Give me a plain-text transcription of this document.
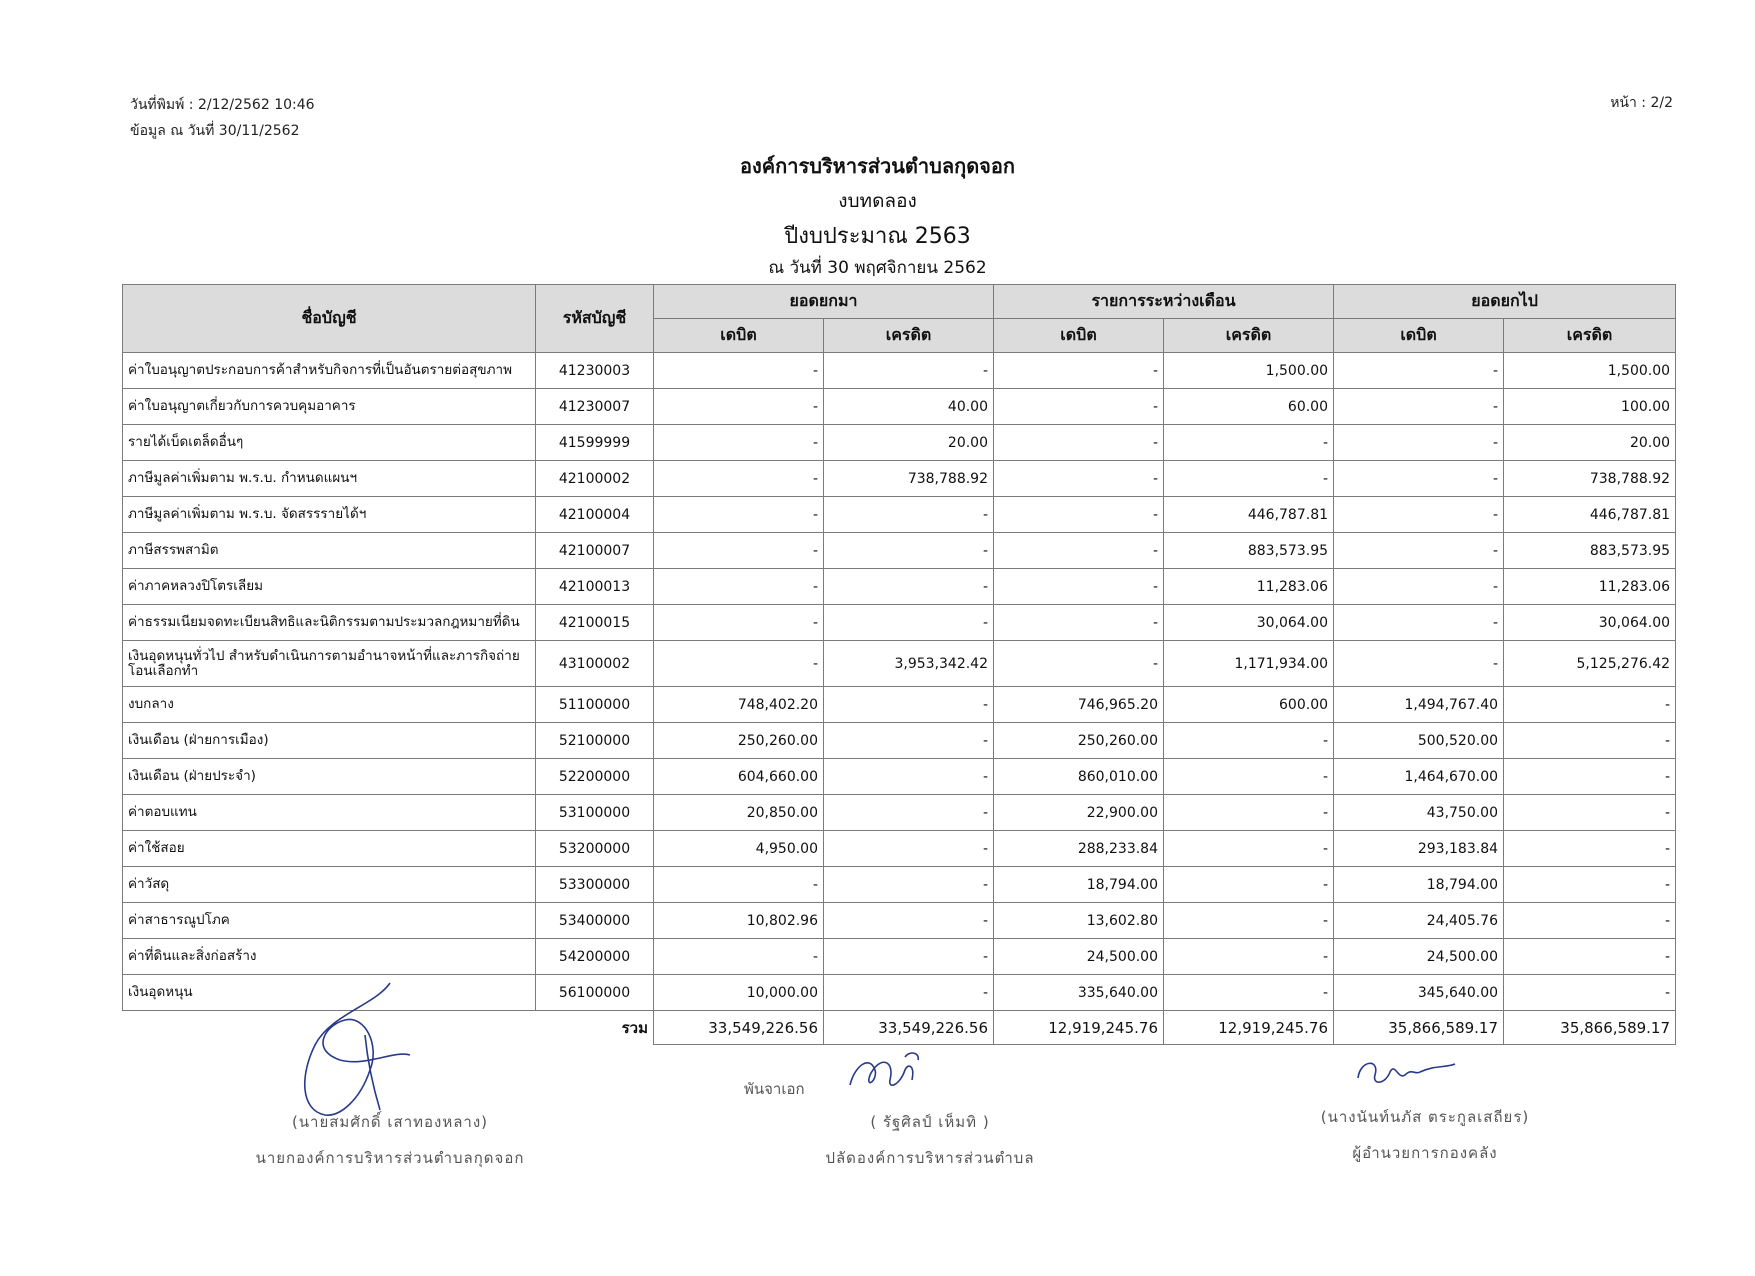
วันที่พิมพ์ : 2/12/2562 10:46
ข้อมูล ณ วันที่ 30/11/2562
หน้า : 2/2
องค์การบริหารส่วนตำบลกุดจอก
งบทดลอง
ปีงบประมาณ 2563
ณ วันที่ 30 พฤศจิกายน 2562
ชื่อบัญชี	รหัสบัญชี	ยอดยกมา		รายการระหว่างเดือน		ยอดยกไป	
		เดบิต	เครดิต	เดบิต	เครดิต	เดบิต	เครดิต
ค่าใบอนุญาตประกอบการค้าสำหรับกิจการที่เป็นอันตรายต่อสุขภาพ	41230003	-	-	-	1,500.00	-	1,500.00
ค่าใบอนุญาตเกี่ยวกับการควบคุมอาคาร	41230007	-	40.00	-	60.00	-	100.00
รายได้เบ็ดเตล็ดอื่นๆ	41599999	-	20.00	-	-	-	20.00
ภาษีมูลค่าเพิ่มตาม พ.ร.บ. กำหนดแผนฯ	42100002	-	738,788.92	-	-	-	738,788.92
ภาษีมูลค่าเพิ่มตาม พ.ร.บ. จัดสรรรายได้ฯ	42100004	-	-	-	446,787.81	-	446,787.81
ภาษีสรรพสามิต	42100007	-	-	-	883,573.95	-	883,573.95
ค่าภาคหลวงปิโตรเลียม	42100013	-	-	-	11,283.06	-	11,283.06
ค่าธรรมเนียมจดทะเบียนสิทธิและนิติกรรมตามประมวลกฎหมายที่ดิน	42100015	-	-	-	30,064.00	-	30,064.00
เงินอุดหนุนทั่วไป สำหรับดำเนินการตามอำนาจหน้าที่และภารกิจถ่ายโอนเลือกทำ	43100002	-	3,953,342.42	-	1,171,934.00	-	5,125,276.42
งบกลาง	51100000	748,402.20	-	746,965.20	600.00	1,494,767.40	-
เงินเดือน (ฝ่ายการเมือง)	52100000	250,260.00	-	250,260.00	-	500,520.00	-
เงินเดือน (ฝ่ายประจำ)	52200000	604,660.00	-	860,010.00	-	1,464,670.00	-
ค่าตอบแทน	53100000	20,850.00	-	22,900.00	-	43,750.00	-
ค่าใช้สอย	53200000	4,950.00	-	288,233.84	-	293,183.84	-
ค่าวัสดุ	53300000	-	-	18,794.00	-	18,794.00	-
ค่าสาธารณูปโภค	53400000	10,802.96	-	13,602.80	-	24,405.76	-
ค่าที่ดินและสิ่งก่อสร้าง	54200000	-	-	24,500.00	-	24,500.00	-
เงินอุดหนุน	56100000	10,000.00	-	335,640.00	-	345,640.00	-
	รวม	33,549,226.56	33,549,226.56	12,919,245.76	12,919,245.76	35,866,589.17	35,866,589.17
(นายสมศักดิ์ เสาทองหลาง)
นายกองค์การบริหารส่วนตำบลกุดจอก
พันจาเอก
( รัฐศิลป์ เห็มทิ )
ปลัดองค์การบริหารส่วนตำบล
(นางนันท์นภัส ตระกูลเสถียร)
ผู้อำนวยการกองคลัง
